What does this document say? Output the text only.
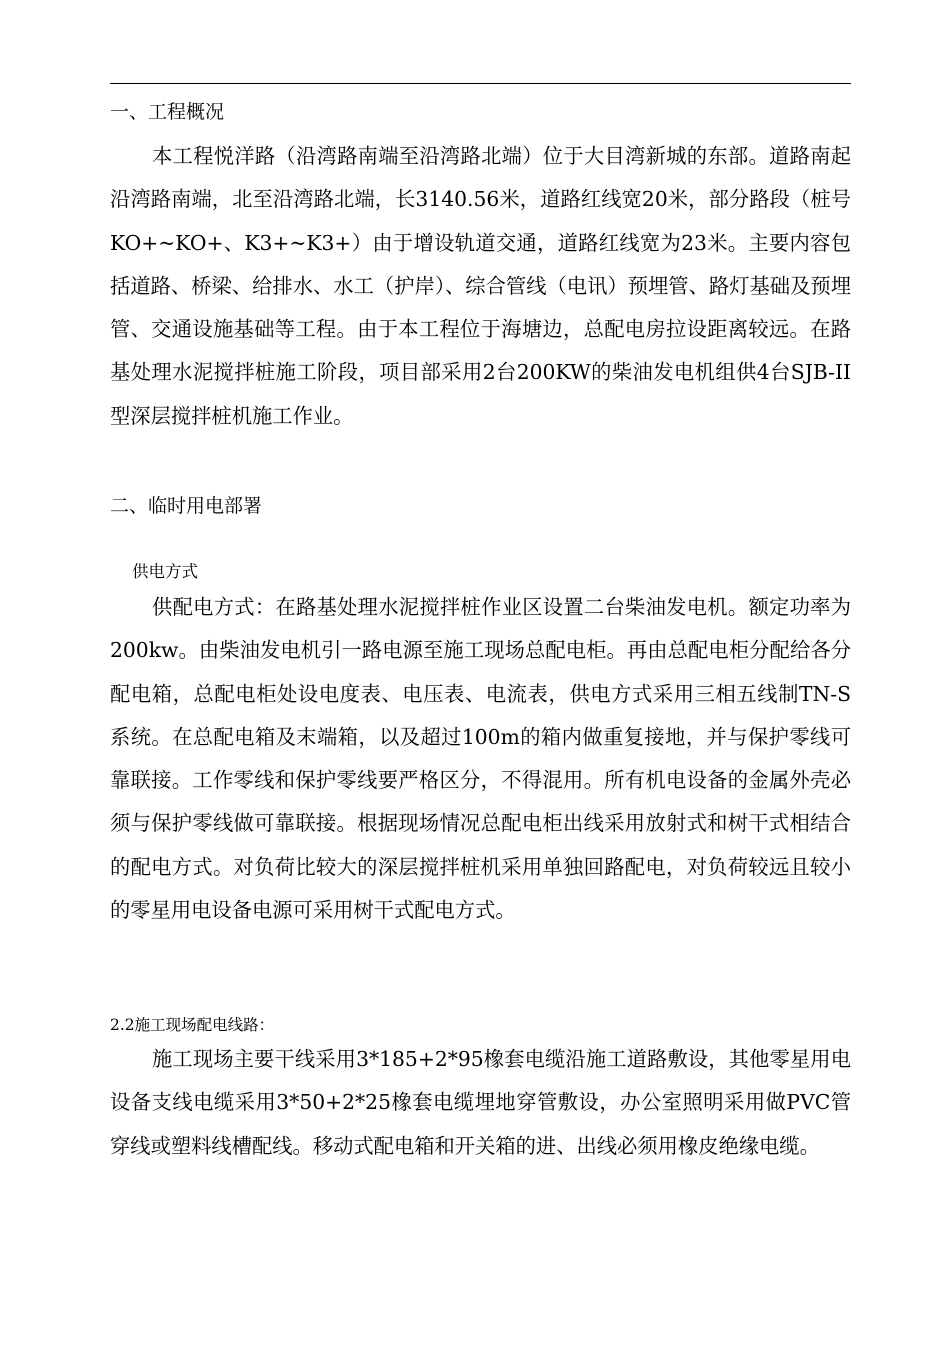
一、工程概况

本工程悦洋路（沿湾路南端至沿湾路北端）位于大目湾新城的东部。道路南起沿湾路南端，北至沿湾路北端，长3140.56米，道路红线宽20米，部分路段（桩号KO+~KO+、K3+~K3+）由于增设轨道交通，道路红线宽为23米。主要内容包括道路、桥梁、给排水、水工（护岸）、综合管线（电讯）预埋管、路灯基础及预埋管、交通设施基础等工程。由于本工程位于海塘边，总配电房拉设距离较远。在路基处理水泥搅拌桩施工阶段，项目部采用2台200KW的柴油发电机组供4台SJB-II型深层搅拌桩机施工作业。

二、临时用电部署
供电方式

供配电方式：在路基处理水泥搅拌桩作业区设置二台柴油发电机。额定功率为200kw。由柴油发电机引一路电源至施工现场总配电柜。再由总配电柜分配给各分配电箱，总配电柜处设电度表、电压表、电流表，供电方式采用三相五线制TN-S系统。在总配电箱及末端箱，以及超过100m的箱内做重复接地，并与保护零线可靠联接。工作零线和保护零线要严格区分，不得混用。所有机电设备的金属外壳必须与保护零线做可靠联接。根据现场情况总配电柜出线采用放射式和树干式相结合的配电方式。对负荷比较大的深层搅拌桩机采用单独回路配电，对负荷较远且较小的零星用电设备电源可采用树干式配电方式。

2.2施工现场配电线路：

施工现场主要干线采用3*185+2*95橡套电缆沿施工道路敷设，其他零星用电设备支线电缆采用3*50+2*25橡套电缆埋地穿管敷设，办公室照明采用做PVC管穿线或塑料线槽配线。移动式配电箱和开关箱的进、出线必须用橡皮绝缘电缆。
